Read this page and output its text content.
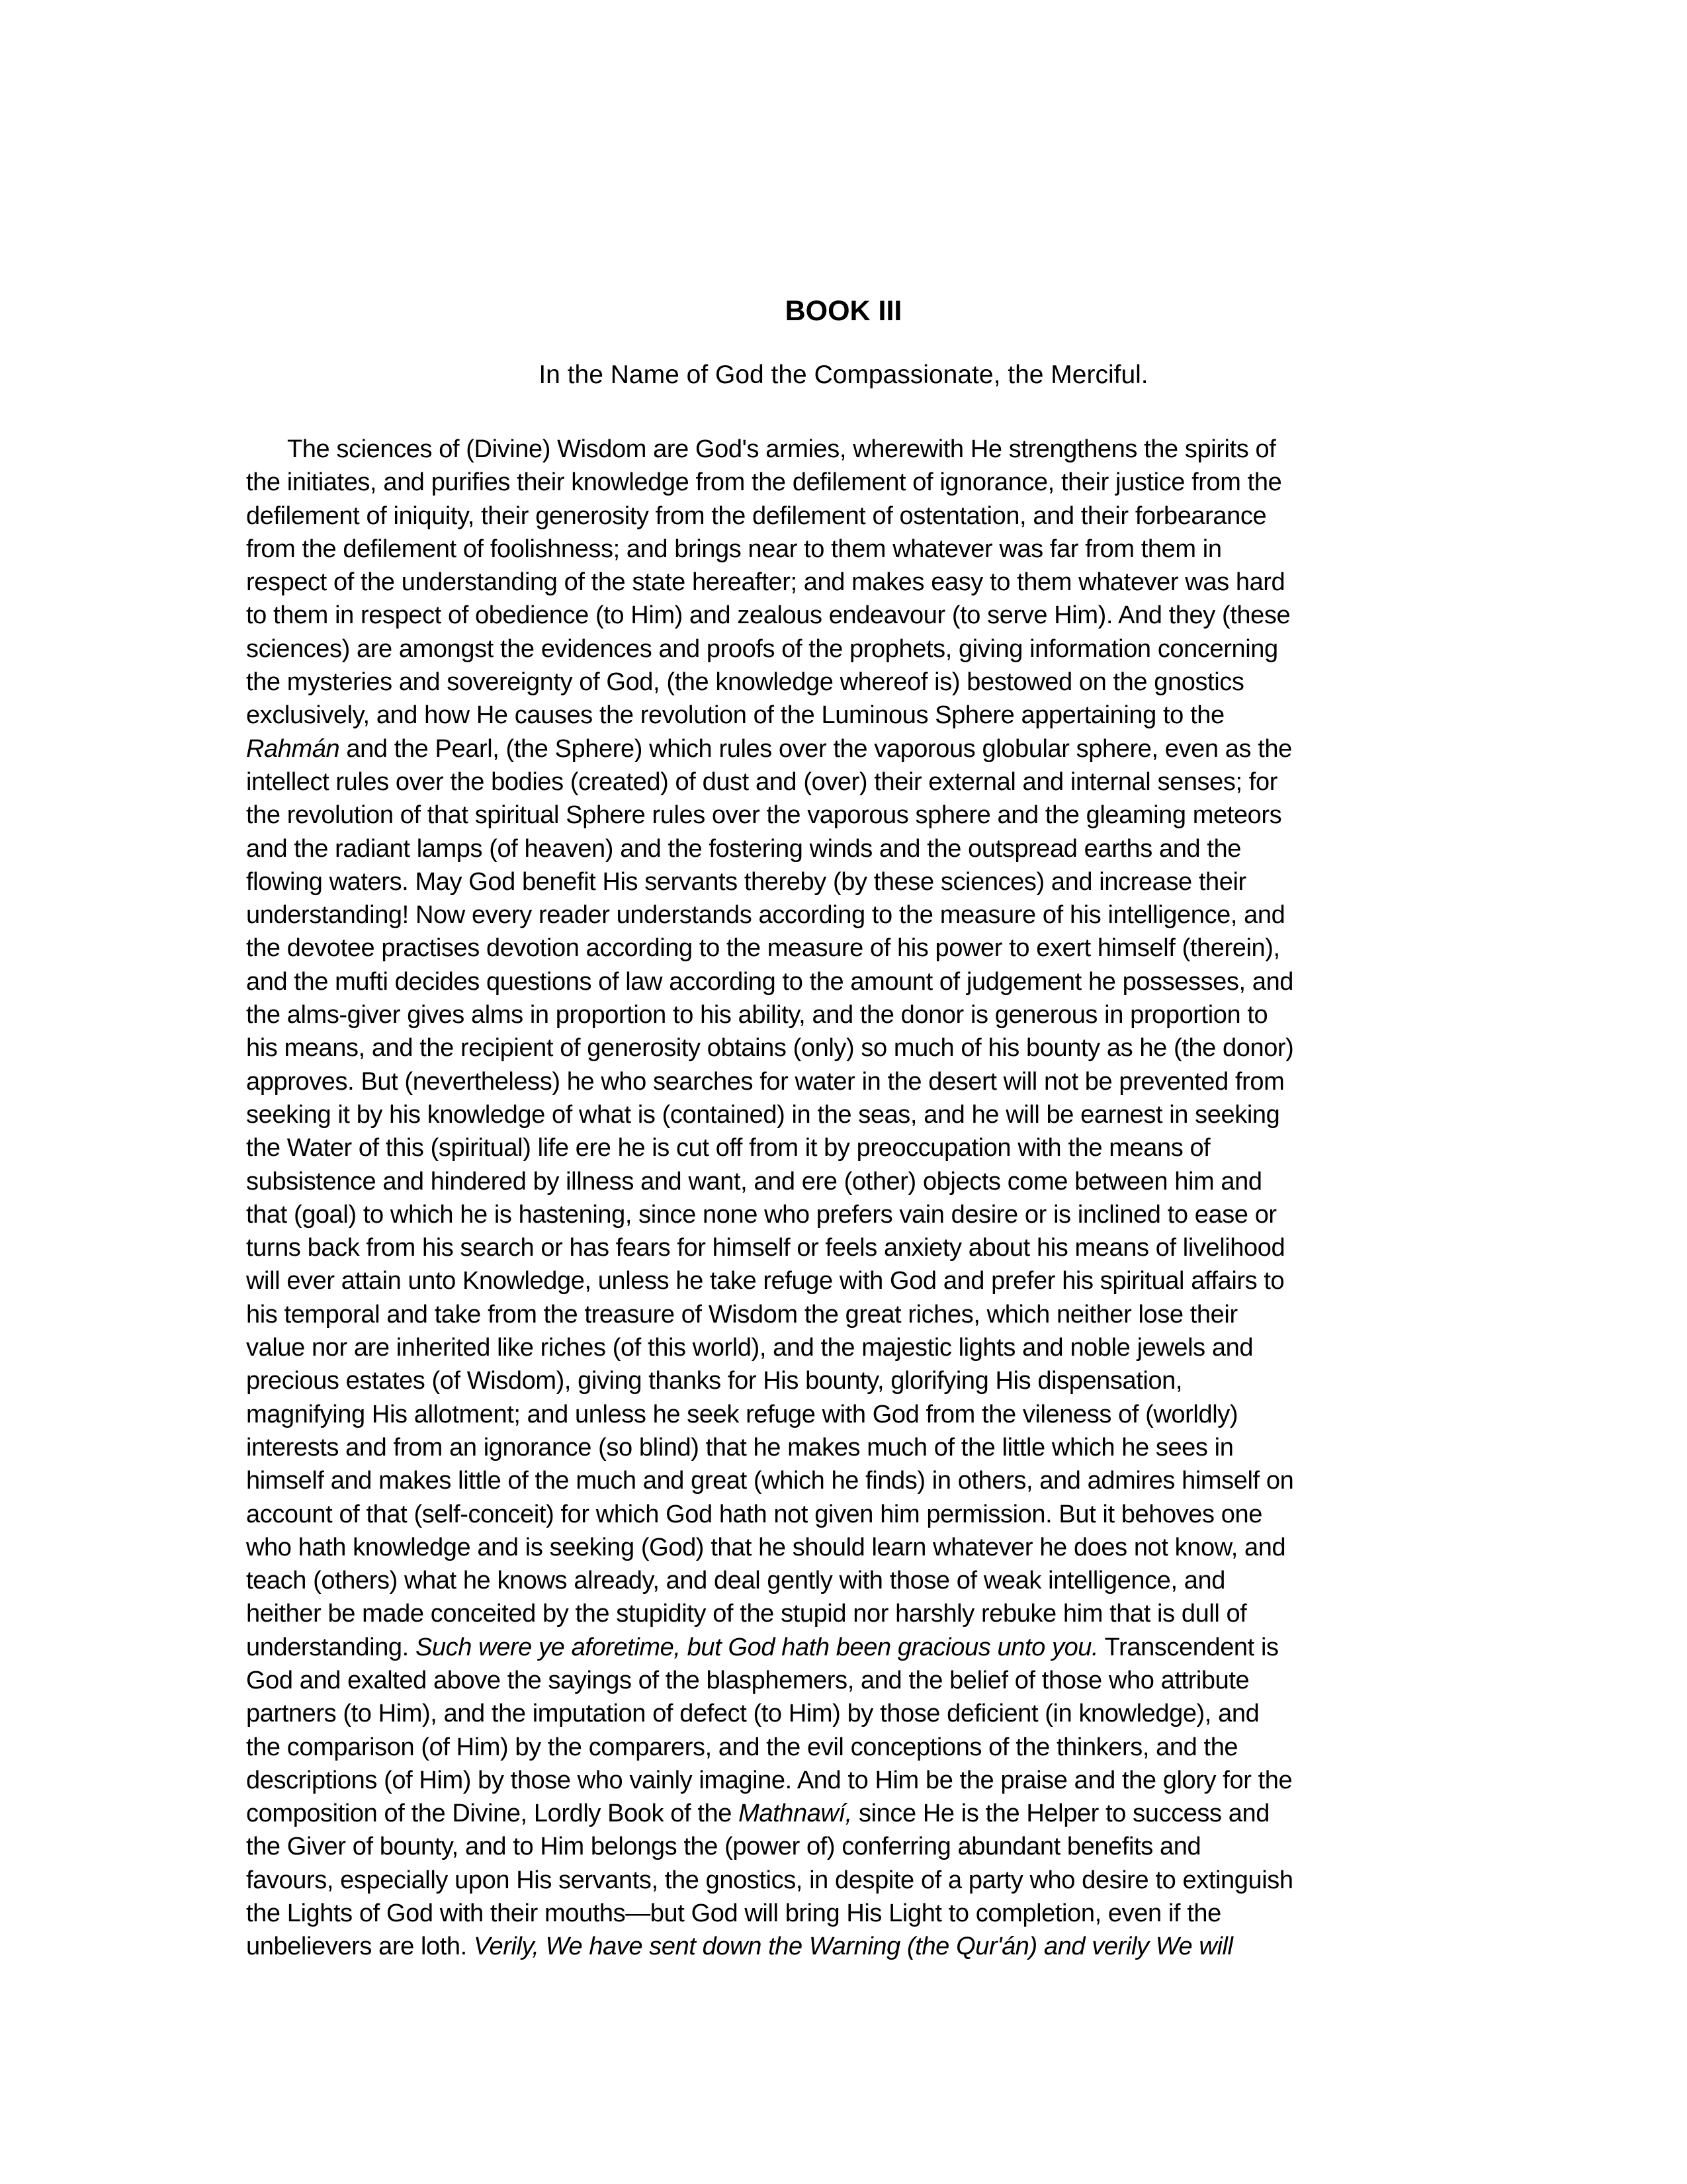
BOOK III
In the Name of God the Compassionate, the Merciful.
The sciences of (Divine) Wisdom are God's armies, wherewith He strengthens the spirits of
the initiates, and purifies their knowledge from the defilement of ignorance, their justice from the
defilement of iniquity, their generosity from the defilement of ostentation, and their forbearance
from the defilement of foolishness; and brings near to them whatever was far from them in
respect of the understanding of the state hereafter; and makes easy to them whatever was hard
to them in respect of obedience (to Him) and zealous endeavour (to serve Him). And they (these
sciences) are amongst the evidences and proofs of the prophets, giving information concerning
the mysteries and sovereignty of God, (the knowledge whereof is) bestowed on the gnostics
exclusively, and how He causes the revolution of the Luminous Sphere appertaining to the
Rahmán and the Pearl, (the Sphere) which rules over the vaporous globular sphere, even as the
intellect rules over the bodies (created) of dust and (over) their external and internal senses; for
the revolution of that spiritual Sphere rules over the vaporous sphere and the gleaming meteors
and the radiant lamps (of heaven) and the fostering winds and the outspread earths and the
flowing waters. May God benefit His servants thereby (by these sciences) and increase their
understanding! Now every reader understands according to the measure of his intelligence, and
the devotee practises devotion according to the measure of his power to exert himself (therein),
and the mufti decides questions of law according to the amount of judgement he possesses, and
the alms-giver gives alms in proportion to his ability, and the donor is generous in proportion to
his means, and the recipient of generosity obtains (only) so much of his bounty as he (the donor)
approves. But (nevertheless) he who searches for water in the desert will not be prevented from
seeking it by his knowledge of what is (contained) in the seas, and he will be earnest in seeking
the Water of this (spiritual) life ere he is cut off from it by preoccupation with the means of
subsistence and hindered by illness and want, and ere (other) objects come between him and
that (goal) to which he is hastening, since none who prefers vain desire or is inclined to ease or
turns back from his search or has fears for himself or feels anxiety about his means of livelihood
will ever attain unto Knowledge, unless he take refuge with God and prefer his spiritual affairs to
his temporal and take from the treasure of Wisdom the great riches, which neither lose their
value nor are inherited like riches (of this world), and the majestic lights and noble jewels and
precious estates (of Wisdom), giving thanks for His bounty, glorifying His dispensation,
magnifying His allotment; and unless he seek refuge with God from the vileness of (worldly)
interests and from an ignorance (so blind) that he makes much of the little which he sees in
himself and makes little of the much and great (which he finds) in others, and admires himself on
account of that (self-conceit) for which God hath not given him permission. But it behoves one
who hath knowledge and is seeking (God) that he should learn whatever he does not know, and
teach (others) what he knows already, and deal gently with those of weak intelligence, and
heither be made conceited by the stupidity of the stupid nor harshly rebuke him that is dull of
understanding. Such were ye aforetime, but God hath been gracious unto you. Transcendent is
God and exalted above the sayings of the blasphemers, and the belief of those who attribute
partners (to Him), and the imputation of defect (to Him) by those deficient (in knowledge), and
the comparison (of Him) by the comparers, and the evil conceptions of the thinkers, and the
descriptions (of Him) by those who vainly imagine. And to Him be the praise and the glory for the
composition of the Divine, Lordly Book of the Mathnawí, since He is the Helper to success and
the Giver of bounty, and to Him belongs the (power of) conferring abundant benefits and
favours, especially upon His servants, the gnostics, in despite of a party who desire to extinguish
the Lights of God with their mouths—but God will bring His Light to completion, even if the
unbelievers are loth. Verily, We have sent down the Warning (the Qur'án) and verily We will
